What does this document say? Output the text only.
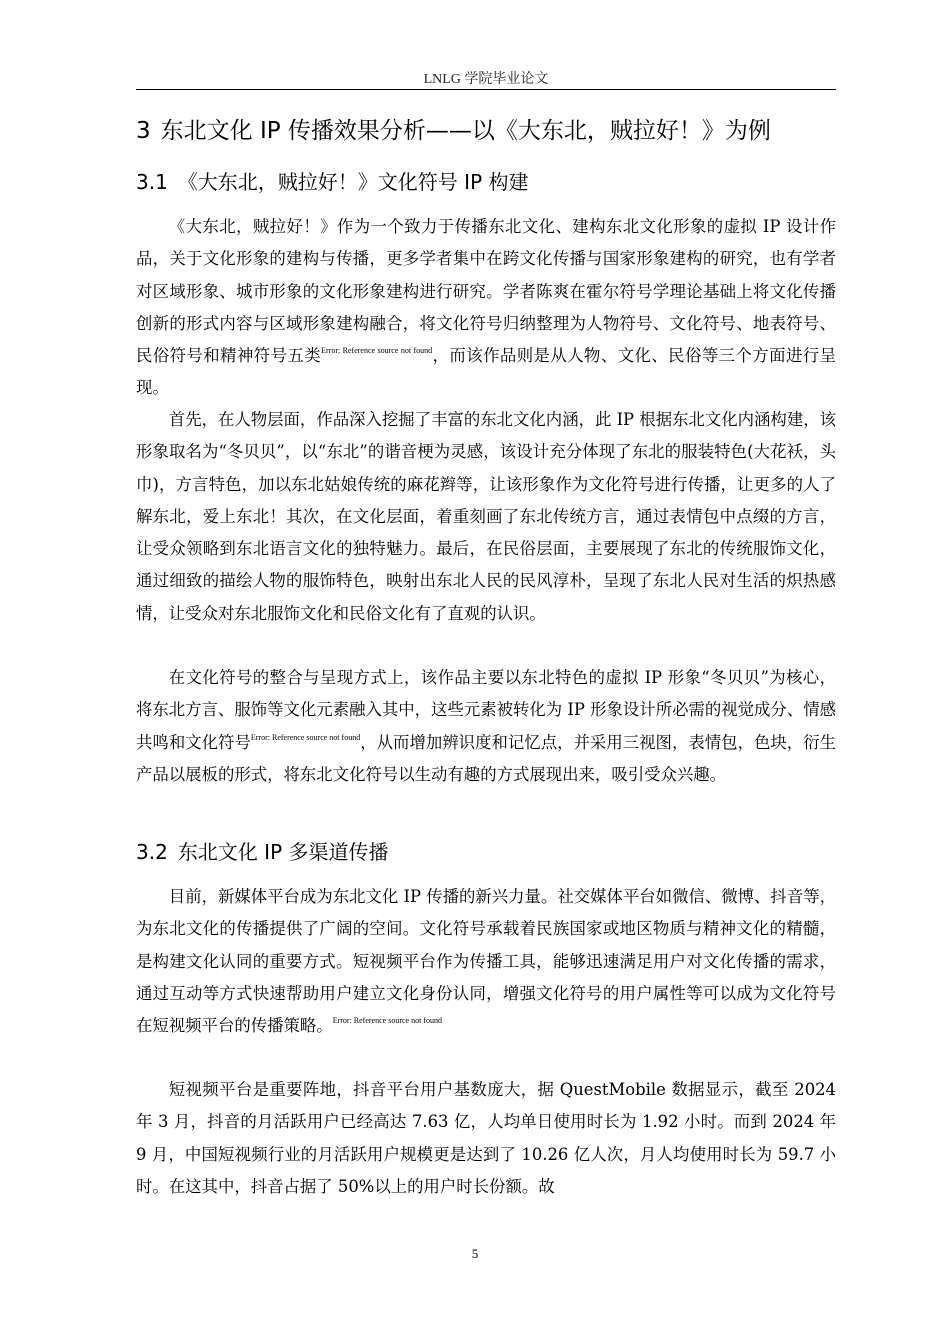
LNLG 学院毕业论文
3 东北文化 IP 传播效果分析——以《大东北，贼拉好！》为例
3.1 《大东北，贼拉好！》文化符号 IP 构建

《大东北，贼拉好！》作为一个致力于传播东北文化、建构东北文化形象的虚拟 IP 设计作品，关于文化形象的建构与传播，更多学者集中在跨文化传播与国家形象建构的研究，也有学者对区域形象、城市形象的文化形象建构进行研究。学者陈爽在霍尔符号学理论基础上将文化传播创新的形式内容与区域形象建构融合，将文化符号归纳整理为人物符号、文化符号、地表符号、民俗符号和精神符号五类$^{Error: Reference source not found}$，而该作品则是从人物、文化、民俗等三个方面进行呈现。

首先，在人物层面，作品深入挖掘了丰富的东北文化内涵，此 IP 根据东北文化内涵构建，该形象取名为“冬贝贝”，以“东北”的谐音梗为灵感，该设计充分体现了东北的服装特色(大花袄，头巾)，方言特色，加以东北姑娘传统的麻花辫等，让该形象作为文化符号进行传播，让更多的人了解东北，爱上东北！其次，在文化层面，着重刻画了东北传统方言，通过表情包中点缀的方言，让受众领略到东北语言文化的独特魅力。最后，在民俗层面，主要展现了东北的传统服饰文化，通过细致的描绘人物的服饰特色，映射出东北人民的民风淳朴，呈现了东北人民对生活的炽热感情，让受众对东北服饰文化和民俗文化有了直观的认识。

在文化符号的整合与呈现方式上，该作品主要以东北特色的虚拟 IP 形象“冬贝贝”为核心，将东北方言、服饰等文化元素融入其中，这些元素被转化为 IP 形象设计所必需的视觉成分、情感共鸣和文化符号$^{Error: Reference source not found}$，从而增加辨识度和记忆点，并采用三视图，表情包，色块，衍生产品以展板的形式，将东北文化符号以生动有趣的方式展现出来，吸引受众兴趣。

3.2 东北文化 IP 多渠道传播

目前，新媒体平台成为东北文化 IP 传播的新兴力量。社交媒体平台如微信、微博、抖音等，为东北文化的传播提供了广阔的空间。文化符号承载着民族国家或地区物质与精神文化的精髓，是构建文化认同的重要方式。短视频平台作为传播工具，能够迅速满足用户对文化传播的需求，通过互动等方式快速帮助用户建立文化身份认同，增强文化符号的用户属性等可以成为文化符号在短视频平台的传播策略。$^{Error: Reference source not found}$

短视频平台是重要阵地，抖音平台用户基数庞大，据 QuestMobile 数据显示，截至 2024 年 3 月，抖音的月活跃用户已经高达 7.63 亿，人均单日使用时长为 1.92 小时。而到 2024 年 9 月，中国短视频行业的月活跃用户规模更是达到了 10.26 亿人次，月人均使用时长为 59.7 小时。在这其中，抖音占据了 50%以上的用户时长份额。故

5
